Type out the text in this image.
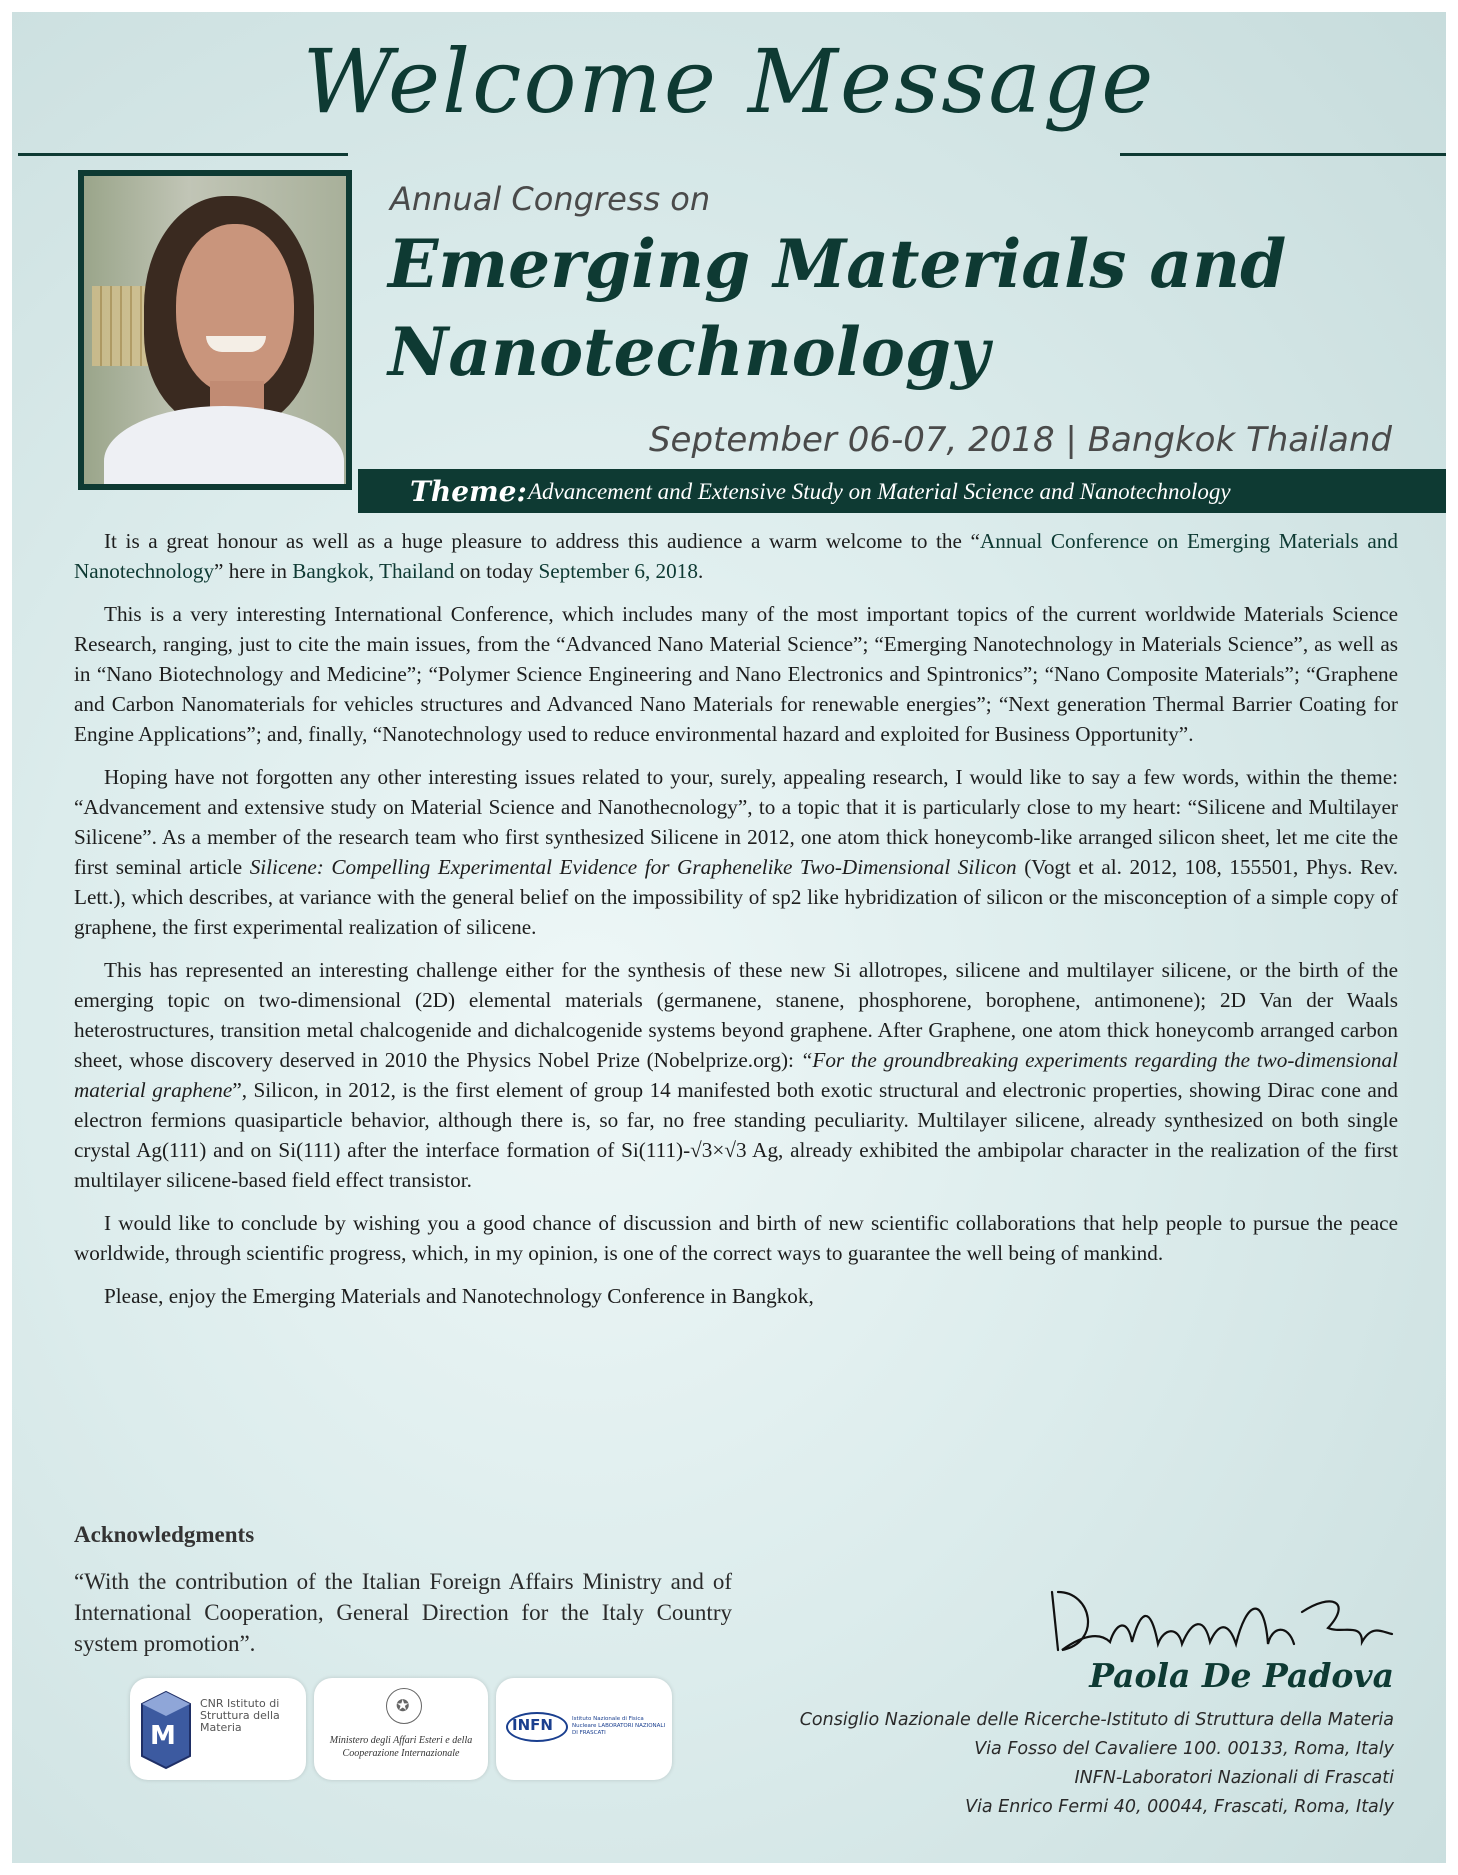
Welcome Message
Annual Congress on
Emerging Materials and
Nanotechnology
September 06-07, 2018 | Bangkok Thailand
Theme: Advancement and Extensive Study on Material Science and Nanotechnology

It is a great honour as well as a huge pleasure to address this audience a warm welcome to the “Annual Conference on Emerging Materials and Nanotechnology” here in Bangkok, Thailand on today September 6, 2018.

This is a very interesting International Conference, which includes many of the most important topics of the current worldwide Materials Science Research, ranging, just to cite the main issues, from the “Advanced Nano Material Science”; “Emerging Nanotechnology in Materials Science”, as well as in “Nano Biotechnology and Medicine”; “Polymer Science Engineering and Nano Electronics and Spintronics”; “Nano Composite Materials”; “Graphene and Carbon Nanomaterials for vehicles structures and Advanced Nano Materials for renewable energies”; “Next generation Thermal Barrier Coating for Engine Applications”; and, finally, “Nanotechnology used to reduce environmental hazard and exploited for Business Opportunity”.

Hoping have not forgotten any other interesting issues related to your, surely, appealing research, I would like to say a few words, within the theme: “Advancement and extensive study on Material Science and Nanothecnology”, to a topic that it is particularly close to my heart: “Silicene and Multilayer Silicene”. As a member of the research team who first synthesized Silicene in 2012, one atom thick honeycomb-like arranged silicon sheet, let me cite the first seminal article Silicene: Compelling Experimental Evidence for Graphenelike Two-Dimensional Silicon (Vogt et al. 2012, 108, 155501, Phys. Rev. Lett.), which describes, at variance with the general belief on the impossibility of sp2 like hybridization of silicon or the misconception of a simple copy of graphene, the first experimental realization of silicene.

This has represented an interesting challenge either for the synthesis of these new Si allotropes, silicene and multilayer silicene, or the birth of the emerging topic on two-dimensional (2D) elemental materials (germanene, stanene, phosphorene, borophene, antimonene); 2D Van der Waals heterostructures, transition metal chalcogenide and dichalcogenide systems beyond graphene. After Graphene, one atom thick honeycomb arranged carbon sheet, whose discovery deserved in 2010 the Physics Nobel Prize (Nobelprize.org): “For the groundbreaking experiments regarding the two-dimensional material graphene”, Silicon, in 2012, is the first element of group 14 manifested both exotic structural and electronic properties, showing Dirac cone and electron fermions quasiparticle behavior, although there is, so far, no free standing peculiarity. Multilayer silicene, already synthesized on both single crystal Ag(111) and on Si(111) after the interface formation of Si(111)-√3×√3 Ag, already exhibited the ambipolar character in the realization of the first multilayer silicene-based field effect transistor.

I would like to conclude by wishing you a good chance of discussion and birth of new scientific collaborations that help people to pursue the peace worldwide, through scientific progress, which, in my opinion, is one of the correct ways to guarantee the well being of mankind.

Please, enjoy the Emerging Materials and Nanotechnology Conference in Bangkok,

Acknowledgments
“With the contribution of the Italian Foreign Affairs Ministry and of International Cooperation, General Direction for the Italy Country system promotion”.
M
CNR Istituto di Struttura della Materia
✪
Ministero degli Affari Esteri e della Cooperazione Internazionale
INFN	Istituto Nazionale di Fisica Nucleare LABORATORI NAZIONALI DI FRASCATI
Paola De Padova
Consiglio Nazionale delle Ricerche-Istituto di Struttura della Materia
Via Fosso del Cavaliere 100. 00133, Roma, Italy
INFN-Laboratori Nazionali di Frascati
Via Enrico Fermi 40, 00044, Frascati, Roma, Italy
